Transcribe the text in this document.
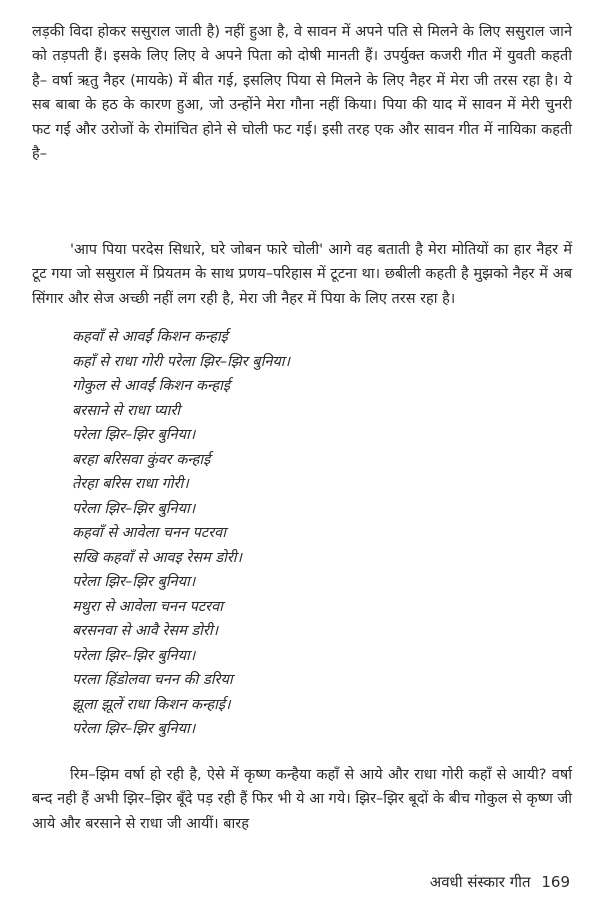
लड़की विदा होकर ससुराल जाती है) नहीं हुआ है, वे सावन में अपने पति से मिलने के लिए ससुराल जाने को तड़पती हैं। इसके लिए लिए वे अपने पिता को दोषी मानती हैं। उपर्युक्त कजरी गीत में युवती कहती है– वर्षा ऋतु नैहर (मायके) में बीत गई, इसलिए पिया से मिलने के लिए नैहर में मेरा जी तरस रहा है। ये सब बाबा के हठ के कारण हुआ, जो उन्होंने मेरा गौना नहीं किया। पिया की याद में सावन में मेरी चुनरी फट गई और उरोजों के रोमांचित होने से चोली फट गई। इसी तरह एक और सावन गीत में नायिका कहती है–

'आप पिया परदेस सिधारे, घरे जोबन फारे चोली' आगे वह बताती है मेरा मोतियों का हार नैहर में टूट गया जो ससुराल में प्रियतम के साथ प्रणय–परिहास में टूटना था। छबीली कहती है मुझको नैहर में अब सिंगार और सेज अच्छी नहीं लग रही है, मेरा जी नैहर में पिया के लिए तरस रहा है।

कहवाँ से आवईं किशन कन्हाई
कहाँ से राधा गोरी परेला झिर–झिर बुनिया।
गोकुल से आवईं किशन कन्हाई
बरसाने से राधा प्यारी
परेला झिर–झिर बुनिया।
बरहा बरिसवा कुंवर कन्हाई
तेरहा बरिस राधा गोरी।
परेला झिर–झिर बुनिया।
कहवाँ से आवेला चनन पटरवा
सखि कहवाँ से आवइ रेसम डोरी।
परेला झिर–झिर बुनिया।
मथुरा से आवेला चनन पटरवा
बरसनवा से आवै रेसम डोरी।
परेला झिर–झिर बुनिया।
परला हिंडोलवा चनन की डरिया
झूला झूलें राधा किशन कन्हाई।
परेला झिर–झिर बुनिया।

रिम–झिम वर्षा हो रही है, ऐसे में कृष्ण कन्हैया कहाँ से आये और राधा गोरी कहाँ से आयी? वर्षा बन्द नही हैं अभी झिर–झिर बूँदे पड़ रही हैं फिर भी ये आ गये। झिर–झिर बूदों के बीच गोकुल से कृष्ण जी आये और बरसाने से राधा जी आयीं। बारह

अवधी संस्कार गीत 169
